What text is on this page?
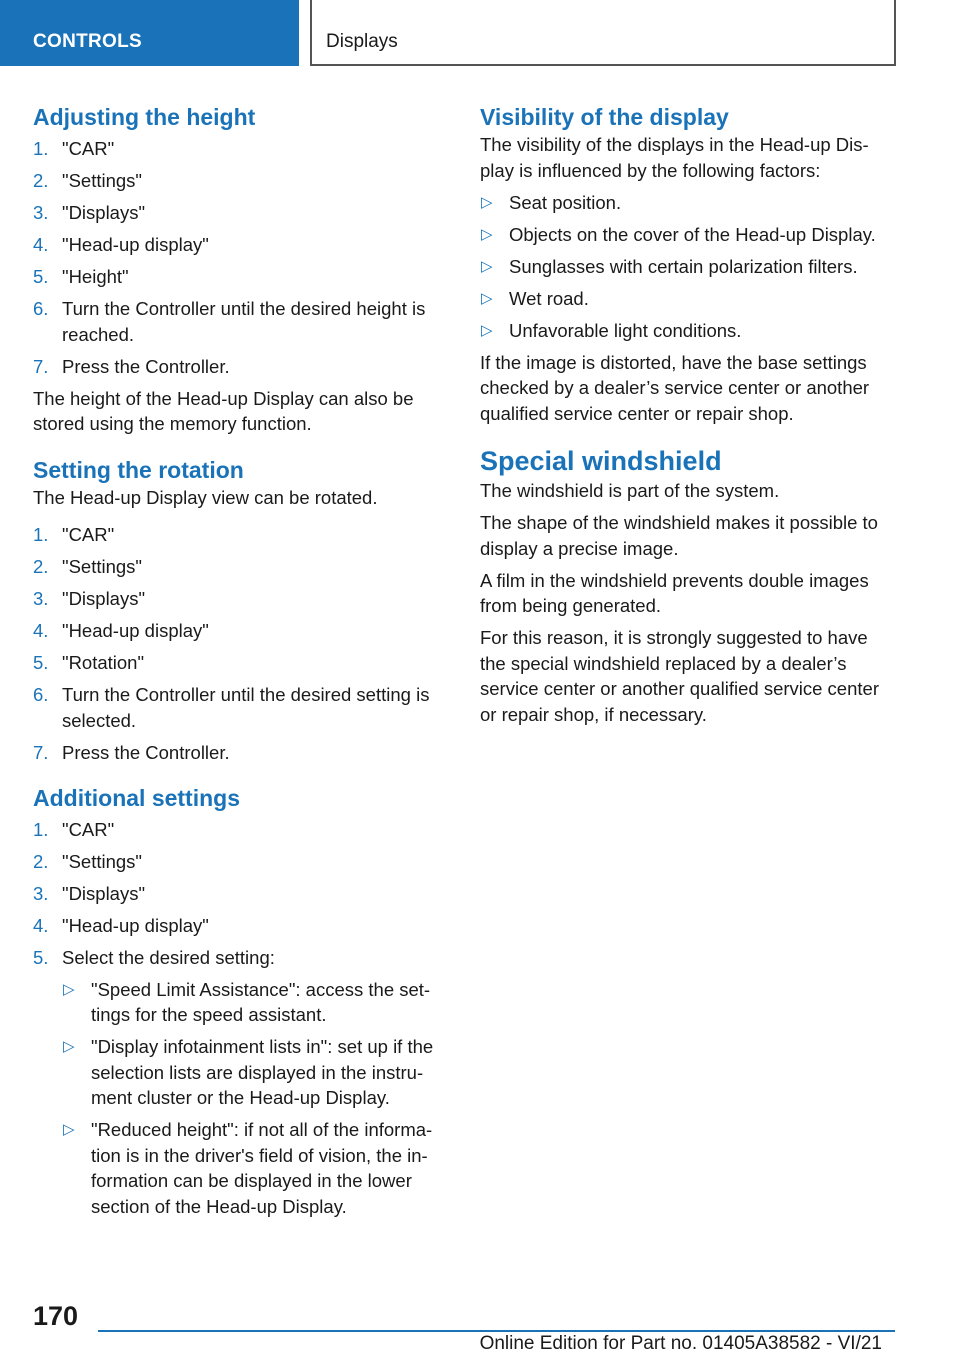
CONTROLS	Displays
Adjusting the height
1. "CAR"
2. "Settings"
3. "Displays"
4. "Head-up display"
5. "Height"
6. Turn the Controller until the desired height is reached.
7. Press the Controller.

The height of the Head-up Display can also be stored using the memory function.

Setting the rotation

The Head-up Display view can be rotated.

1. "CAR"
2. "Settings"
3. "Displays"
4. "Head-up display"
5. "Rotation"
6. Turn the Controller until the desired setting is selected.
7. Press the Controller.
Additional settings
1. "CAR"
2. "Settings"
3. "Displays"
4. "Head-up display"
5. Select the desired setting:
▷ "Speed Limit Assistance": access the set-tings for the speed assistant.
▷ "Display infotainment lists in": set up if the selection lists are displayed in the instru-ment cluster or the Head-up Display.
▷ "Reduced height": if not all of the informa-tion is in the driver's field of vision, the in-formation can be displayed in the lower section of the Head-up Display.
Visibility of the display

The visibility of the displays in the Head-up Dis-play is influenced by the following factors:

▷ Seat position.
▷ Objects on the cover of the Head-up Display.
▷ Sunglasses with certain polarization filters.
▷ Wet road.
▷ Unfavorable light conditions.

If the image is distorted, have the base settings checked by a dealer’s service center or another qualified service center or repair shop.

Special windshield

The windshield is part of the system.

The shape of the windshield makes it possible to display a precise image.

A film in the windshield prevents double images from being generated.

For this reason, it is strongly suggested to have the special windshield replaced by a dealer’s service center or another qualified service center or repair shop, if necessary.

170
Online Edition for Part no. 01405A38582 - VI/21
